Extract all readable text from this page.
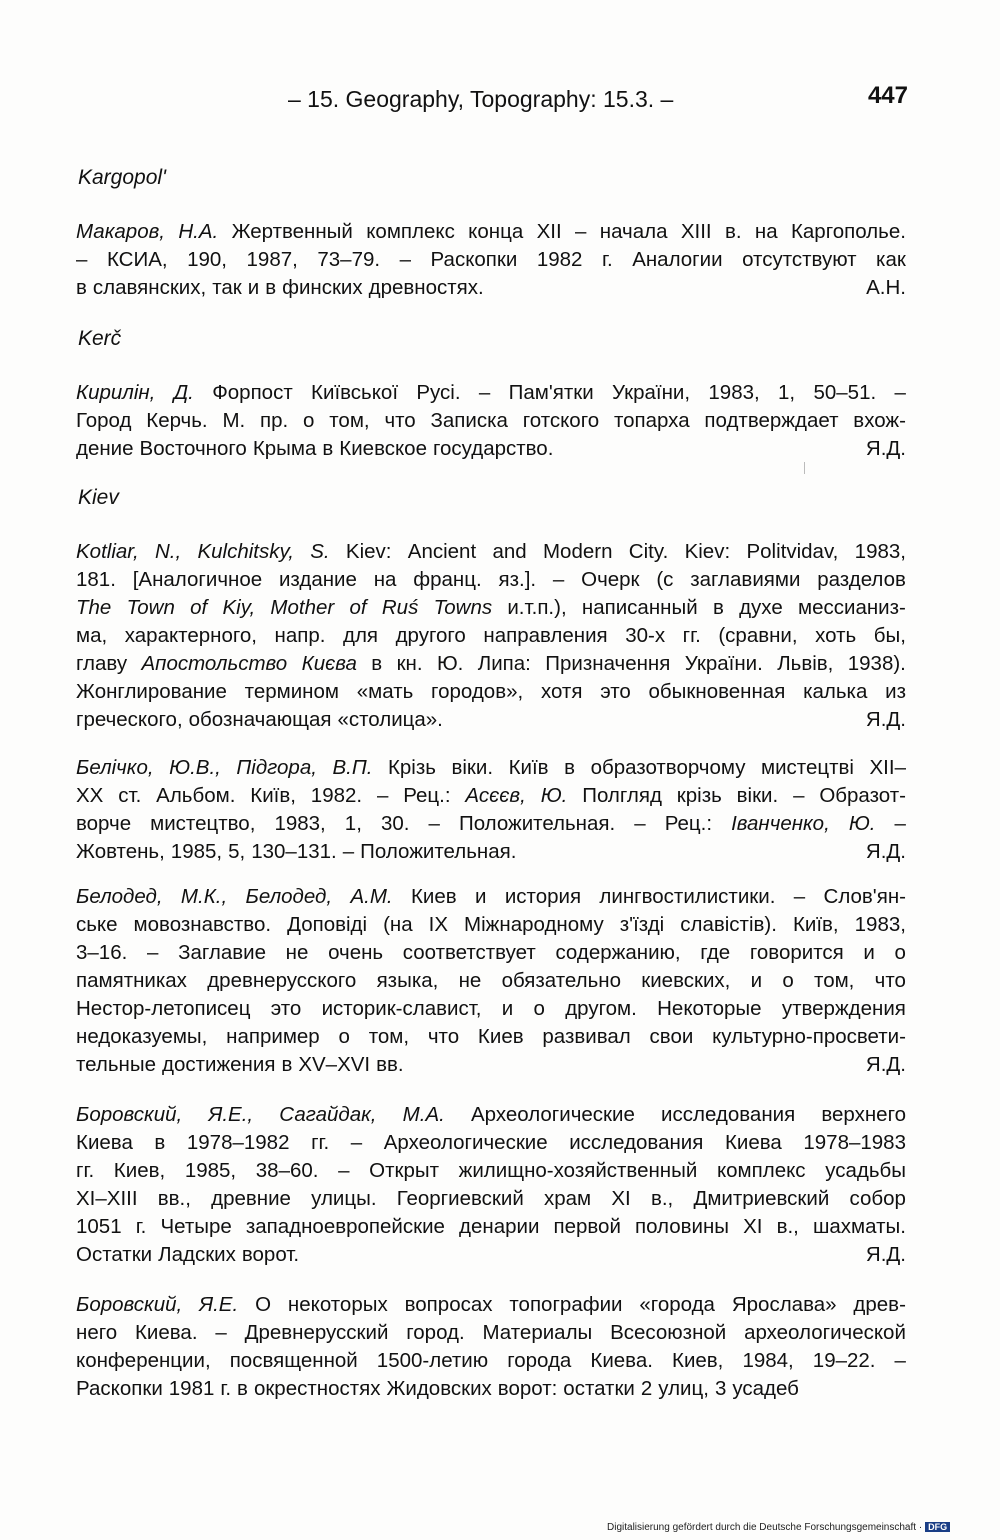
– 15. Geography, Topography: 15.3. –	447
Kargopol'
Макаров, Н.А. Жертвенный комплекс конца XII – начала XIII в. на Каргополье.
– КСИА, 190, 1987, 73–79. – Раскопки 1982 г. Аналогии отсутствуют как
в славянских, так и в финских древностях.	А.Н.
Kerč
Кирилін, Д. Форпост Київської Русі. – Пам'ятки України, 1983, 1, 50–51. –
Город Керчь. М. пр. о том, что Записка готского топарха подтверждает вхож-
дение Восточного Крыма в Киевское государство.	Я.Д.
Kiev
Kotliar, N., Kulchitsky, S. Kiev: Ancient and Modern City. Kiev: Politvidav, 1983,
181. [Аналогичное издание на франц. яз.]. – Очерк (с заглавиями разделов
The Town of Kiy, Mother of Ruś Towns и.т.п.), написанный в духе мессианиз-
ма, характерного, напр. для другого направления 30-х гг. (сравни, хоть бы,
главу Апостольство Києва в кн. Ю. Липа: Призначення України. Львів, 1938).
Жонглирование термином «мать городов», хотя это обыкновенная калька из
греческого, обозначающая «столица».	Я.Д.
Белічко, Ю.В., Підгора, В.П. Крізь віки. Київ в образотворчому мистецтві XII–
XX ст. Альбом. Київ, 1982. – Рец.: Асєєв, Ю. Полгляд крізь віки. – Образот-
ворче мистецтво, 1983, 1, 30. – Положительная. – Рец.: Іванченко, Ю. –
Жовтень, 1985, 5, 130–131. – Положительная.	Я.Д.
Белодед, М.К., Белодед, А.М. Киев и история лингвостилистики. – Слов'ян-
ське мовознавство. Доповіді (на IX Міжнародному з'їзді славістів). Київ, 1983,
3–16. – Заглавие не очень соответствует содержанию, где говорится и о
памятниках древнерусского языка, не обязательно киевских, и о том, что
Нестор-летописец это историк-славист, и о другом. Некоторые утверждения
недоказуемы, например о том, что Киев развивал свои культурно-просвети-
тельные достижения в XV–XVI вв.	Я.Д.
Боровский, Я.Е., Сагайдак, М.А. Археологические исследования верхнего
Киева в 1978–1982 гг. – Археологические исследования Киева 1978–1983
гг. Киев, 1985, 38–60. – Открыт жилищно-хозяйственный комплекс усадьбы
XI–XIII вв., древние улицы. Георгиевский храм XI в., Дмитриевский собор
1051 г. Четыре западноевропейские денарии первой половины XI в., шахматы.
Остатки Ладских ворот.	Я.Д.
Боровский, Я.Е. О некоторых вопросах топографии «города Ярослава» древ-
него Киева. – Древнерусский город. Материалы Всесоюзной археологической
конференции, посвященной 1500-летию города Киева. Киев, 1984, 19–22. –
Раскопки 1981 г. в окрестностях Жидовских ворот: остатки 2 улиц, 3 усадеб
Digitalisierung gefördert durch die Deutsche Forschungsgemeinschaft · DFG
